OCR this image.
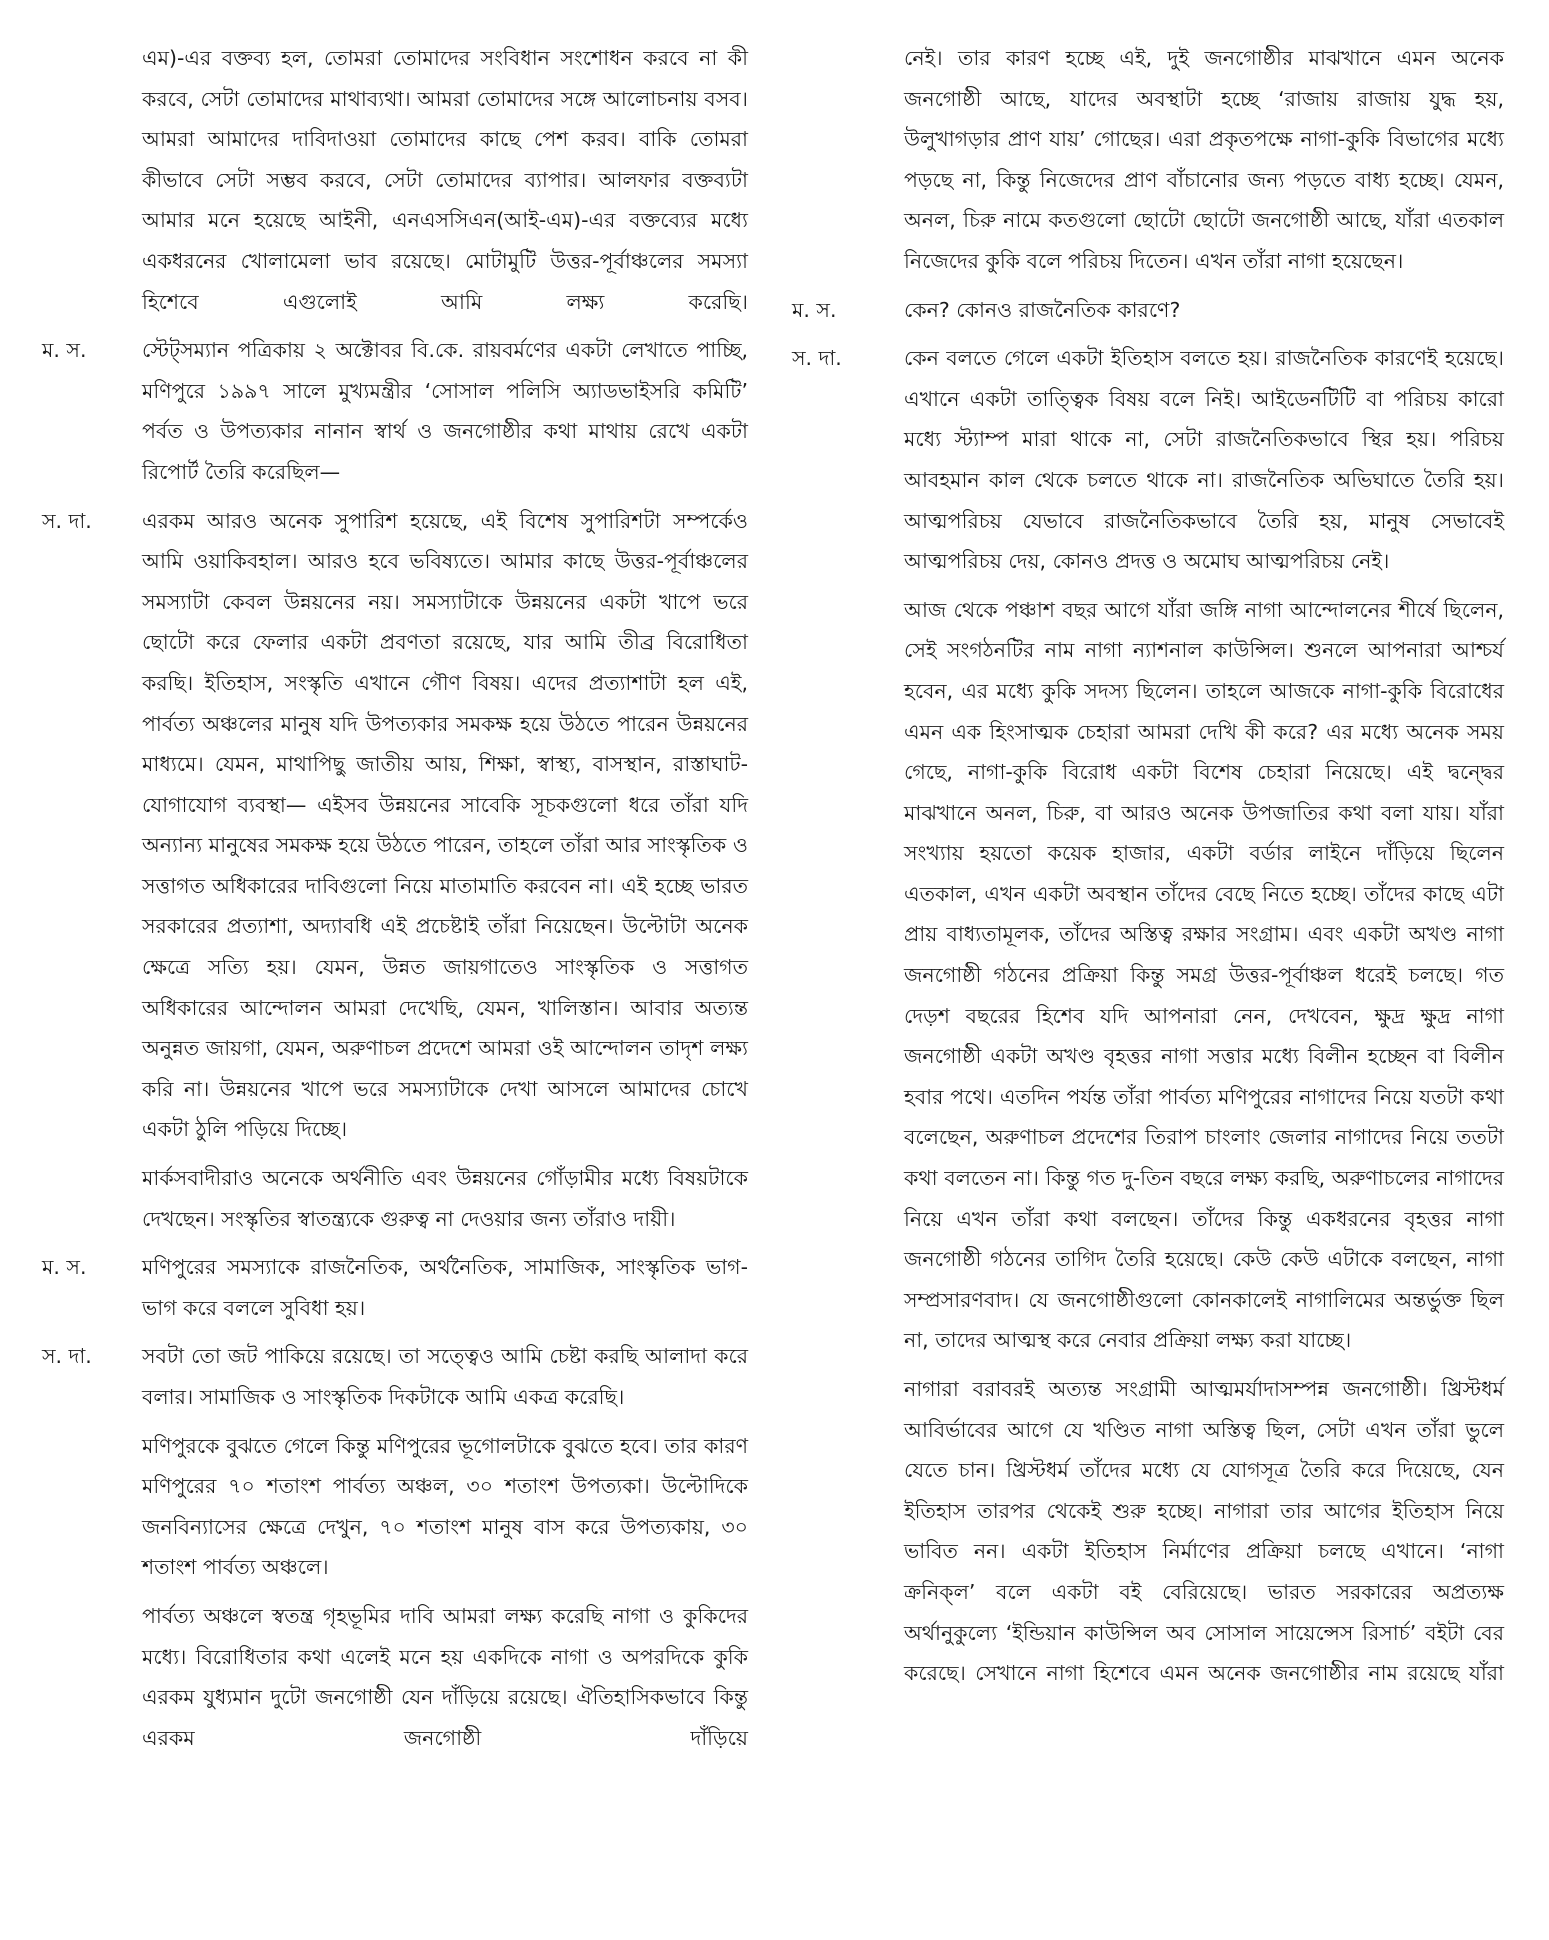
এম)-এর বক্তব্য হল, তোমরা তোমাদের সংবিধান সংশোধন করবে না কী করবে, সেটা তোমাদের মাথাব্যথা। আমরা তোমাদের সঙ্গে আলোচনায় বসব। আমরা আমাদের দাবিদাওয়া তোমাদের কাছে পেশ করব। বাকি তোমরা কীভাবে সেটা সম্ভব করবে, সেটা তোমাদের ব্যাপার। আলফার বক্তব্যটা আমার মনে হয়েছে আইনী, এনএসসিএন(আই-এম)-এর বক্তব্যের মধ্যে একধরনের খোলামেলা ভাব রয়েছে। মোটামুটি উত্তর-পূর্বাঞ্চলের সমস্যা হিশেবে এগুলোই আমি লক্ষ্য করেছি।

ম. স.	স্টেট্সম্যান পত্রিকায় ২ অক্টোবর বি.কে. রায়বর্মণের একটা লেখাতে পাচ্ছি, মণিপুরে ১৯৯৭ সালে মুখ্যমন্ত্রীর ‘সোসাল পলিসি অ্যাডভাইসরি কমিটি’ পর্বত ও উপত্যকার নানান স্বার্থ ও জনগোষ্ঠীর কথা মাথায় রেখে একটা রিপোর্ট তৈরি করেছিল—

স. দা.	এরকম আরও অনেক সুপারিশ হয়েছে, এই বিশেষ সুপারিশটা সম্পর্কেও আমি ওয়াকিবহাল। আরও হবে ভবিষ্যতে। আমার কাছে উত্তর-পূর্বাঞ্চলের সমস্যাটা কেবল উন্নয়নের নয়। সমস্যাটাকে উন্নয়নের একটা খাপে ভরে ছোটো করে ফেলার একটা প্রবণতা রয়েছে, যার আমি তীব্র বিরোধিতা করছি। ইতিহাস, সংস্কৃতি এখানে গৌণ বিষয়। এদের প্রত্যাশাটা হল এই, পার্বত্য অঞ্চলের মানুষ যদি উপত্যকার সমকক্ষ হয়ে উঠতে পারেন উন্নয়নের মাধ্যমে। যেমন, মাথাপিছু জাতীয় আয়, শিক্ষা, স্বাস্থ্য, বাসস্থান, রাস্তাঘাট-যোগাযোগ ব্যবস্থা— এইসব উন্নয়নের সাবেকি সূচকগুলো ধরে তাঁরা যদি অন্যান্য মানুষের সমকক্ষ হয়ে উঠতে পারেন, তাহলে তাঁরা আর সাংস্কৃতিক ও সত্তাগত অধিকারের দাবিগুলো নিয়ে মাতামাতি করবেন না। এই হচ্ছে ভারত সরকারের প্রত্যাশা, অদ্যাবধি এই প্রচেষ্টাই তাঁরা নিয়েছেন। উল্টোটা অনেক ক্ষেত্রে সত্যি হয়। যেমন, উন্নত জায়গাতেও সাংস্কৃতিক ও সত্তাগত অধিকারের আন্দোলন আমরা দেখেছি, যেমন, খালিস্তান। আবার অত্যন্ত অনুন্নত জায়গা, যেমন, অরুণাচল প্রদেশে আমরা ওই আন্দোলন তাদৃশ লক্ষ্য করি না। উন্নয়নের খাপে ভরে সমস্যাটাকে দেখা আসলে আমাদের চোখে একটা ঠুলি পড়িয়ে দিচ্ছে।

মার্কসবাদীরাও অনেকে অর্থনীতি এবং উন্নয়নের গোঁড়ামীর মধ্যে বিষয়টাকে দেখছেন। সংস্কৃতির স্বাতন্ত্র্যকে গুরুত্ব না দেওয়ার জন্য তাঁরাও দায়ী।

ম. স.	মণিপুরের সমস্যাকে রাজনৈতিক, অর্থনৈতিক, সামাজিক, সাংস্কৃতিক ভাগ-ভাগ করে বললে সুবিধা হয়।

স. দা.	সবটা তো জট পাকিয়ে রয়েছে। তা সত্ত্বেও আমি চেষ্টা করছি আলাদা করে বলার। সামাজিক ও সাংস্কৃতিক দিকটাকে আমি একত্র করেছি।

মণিপুরকে বুঝতে গেলে কিন্তু মণিপুরের ভূগোলটাকে বুঝতে হবে। তার কারণ মণিপুরের ৭০ শতাংশ পার্বত্য অঞ্চল, ৩০ শতাংশ উপত্যকা। উল্টোদিকে জনবিন্যাসের ক্ষেত্রে দেখুন, ৭০ শতাংশ মানুষ বাস করে উপত্যকায়, ৩০ শতাংশ পার্বত্য অঞ্চলে।

পার্বত্য অঞ্চলে স্বতন্ত্র গৃহভূমির দাবি আমরা লক্ষ্য করেছি নাগা ও কুকিদের মধ্যে। বিরোধিতার কথা এলেই মনে হয় একদিকে নাগা ও অপরদিকে কুকি এরকম যুধ্যমান দুটো জনগোষ্ঠী যেন দাঁড়িয়ে রয়েছে। ঐতিহাসিকভাবে কিন্তু এরকম জনগোষ্ঠী দাঁড়িয়ে

নেই। তার কারণ হচ্ছে এই, দুই জনগোষ্ঠীর মাঝখানে এমন অনেক জনগোষ্ঠী আছে, যাদের অবস্থাটা হচ্ছে ‘রাজায় রাজায় যুদ্ধ হয়, উলুখাগড়ার প্রাণ যায়’ গোছের। এরা প্রকৃতপক্ষে নাগা-কুকি বিভাগের মধ্যে পড়ছে না, কিন্তু নিজেদের প্রাণ বাঁচানোর জন্য পড়তে বাধ্য হচ্ছে। যেমন, অনল, চিরু নামে কতগুলো ছোটো ছোটো জনগোষ্ঠী আছে, যাঁরা এতকাল নিজেদের কুকি বলে পরিচয় দিতেন। এখন তাঁরা নাগা হয়েছেন।

ম. স.	কেন? কোনও রাজনৈতিক কারণে?

স. দা.	কেন বলতে গেলে একটা ইতিহাস বলতে হয়। রাজনৈতিক কারণেই হয়েছে। এখানে একটা তাত্ত্বিক বিষয় বলে নিই। আইডেনটিটি বা পরিচয় কারো মধ্যে স্ট্যাম্প মারা থাকে না, সেটা রাজনৈতিকভাবে স্থির হয়। পরিচয় আবহমান কাল থেকে চলতে থাকে না। রাজনৈতিক অভিঘাতে তৈরি হয়। আত্মপরিচয় যেভাবে রাজনৈতিকভাবে তৈরি হয়, মানুষ সেভাবেই আত্মপরিচয় দেয়, কোনও প্রদত্ত ও অমোঘ আত্মপরিচয় নেই।

আজ থেকে পঞ্চাশ বছর আগে যাঁরা জঙ্গি নাগা আন্দোলনের শীর্ষে ছিলেন, সেই সংগঠনটির নাম নাগা ন্যাশনাল কাউন্সিল। শুনলে আপনারা আশ্চর্য হবেন, এর মধ্যে কুকি সদস্য ছিলেন। তাহলে আজকে নাগা-কুকি বিরোধের এমন এক হিংসাত্মক চেহারা আমরা দেখি কী করে? এর মধ্যে অনেক সময় গেছে, নাগা-কুকি বিরোধ একটা বিশেষ চেহারা নিয়েছে। এই দ্বন্দ্বের মাঝখানে অনল, চিরু, বা আরও অনেক উপজাতির কথা বলা যায়। যাঁরা সংখ্যায় হয়তো কয়েক হাজার, একটা বর্ডার লাইনে দাঁড়িয়ে ছিলেন এতকাল, এখন একটা অবস্থান তাঁদের বেছে নিতে হচ্ছে। তাঁদের কাছে এটা প্রায় বাধ্যতামূলক, তাঁদের অস্তিত্ব রক্ষার সংগ্রাম। এবং একটা অখণ্ড নাগা জনগোষ্ঠী গঠনের প্রক্রিয়া কিন্তু সমগ্র উত্তর-পূর্বাঞ্চল ধরেই চলছে। গত দেড়শ বছরের হিশেব যদি আপনারা নেন, দেখবেন, ক্ষুদ্র ক্ষুদ্র নাগা জনগোষ্ঠী একটা অখণ্ড বৃহত্তর নাগা সত্তার মধ্যে বিলীন হচ্ছেন বা বিলীন হবার পথে। এতদিন পর্যন্ত তাঁরা পার্বত্য মণিপুরের নাগাদের নিয়ে যতটা কথা বলেছেন, অরুণাচল প্রদেশের তিরাপ চাংলাং জেলার নাগাদের নিয়ে ততটা কথা বলতেন না। কিন্তু গত দু-তিন বছরে লক্ষ্য করছি, অরুণাচলের নাগাদের নিয়ে এখন তাঁরা কথা বলছেন। তাঁদের কিন্তু একধরনের বৃহত্তর নাগা জনগোষ্ঠী গঠনের তাগিদ তৈরি হয়েছে। কেউ কেউ এটাকে বলছেন, নাগা সম্প্রসারণবাদ। যে জনগোষ্ঠীগুলো কোনকালেই নাগালিমের অন্তর্ভুক্ত ছিল না, তাদের আত্মস্থ করে নেবার প্রক্রিয়া লক্ষ্য করা যাচ্ছে।

নাগারা বরাবরই অত্যন্ত সংগ্রামী আত্মমর্যাদাসম্পন্ন জনগোষ্ঠী। খ্রিস্টধর্ম আবির্ভাবের আগে যে খণ্ডিত নাগা অস্তিত্ব ছিল, সেটা এখন তাঁরা ভুলে যেতে চান। খ্রিস্টধর্ম তাঁদের মধ্যে যে যোগসূত্র তৈরি করে দিয়েছে, যেন ইতিহাস তারপর থেকেই শুরু হচ্ছে। নাগারা তার আগের ইতিহাস নিয়ে ভাবিত নন। একটা ইতিহাস নির্মাণের প্রক্রিয়া চলছে এখানে। ‘নাগা ক্রনিক্‌ল’ বলে একটা বই বেরিয়েছে। ভারত সরকারের অপ্রত্যক্ষ অর্থানুকুল্যে ‘ইন্ডিয়ান কাউন্সিল অব সোসাল সায়েন্সেস রিসার্চ’ বইটা বের করেছে। সেখানে নাগা হিশেবে এমন অনেক জনগোষ্ঠীর নাম রয়েছে যাঁরা
